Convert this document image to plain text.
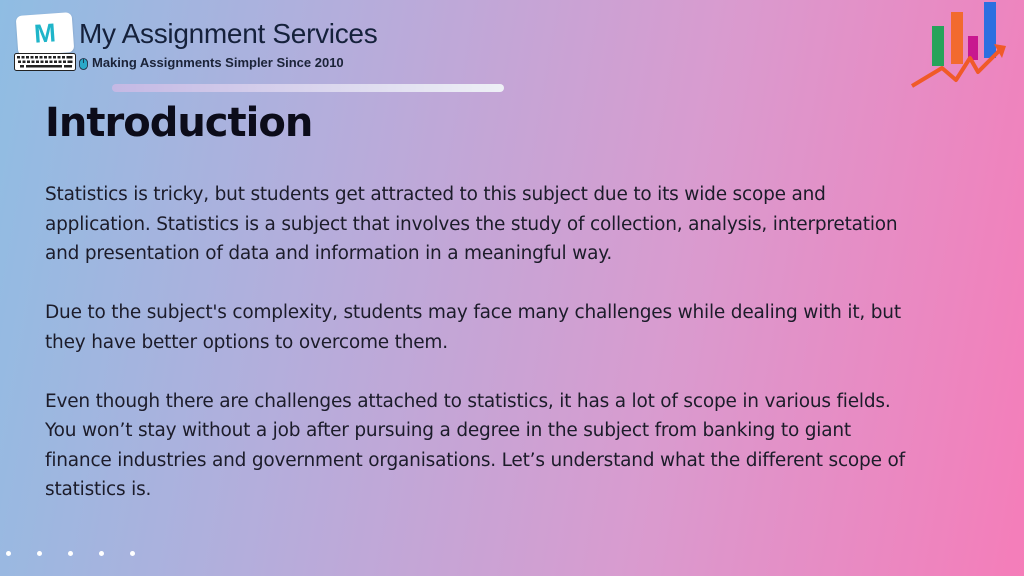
M My Assignment Services
Making Assignments Simpler Since 2010
Introduction

Statistics is tricky, but students get attracted to this subject due to its wide scope and application. Statistics is a subject that involves the study of collection, analysis, interpretation and presentation of data and information in a meaningful way.

Due to the subject's complexity, students may face many challenges while dealing with it, but they have better options to overcome them.

Even though there are challenges attached to statistics, it has a lot of scope in various fields. You won’t stay without a job after pursuing a degree in the subject from banking to giant finance industries and government organisations. Let’s understand what the different scope of statistics is.
